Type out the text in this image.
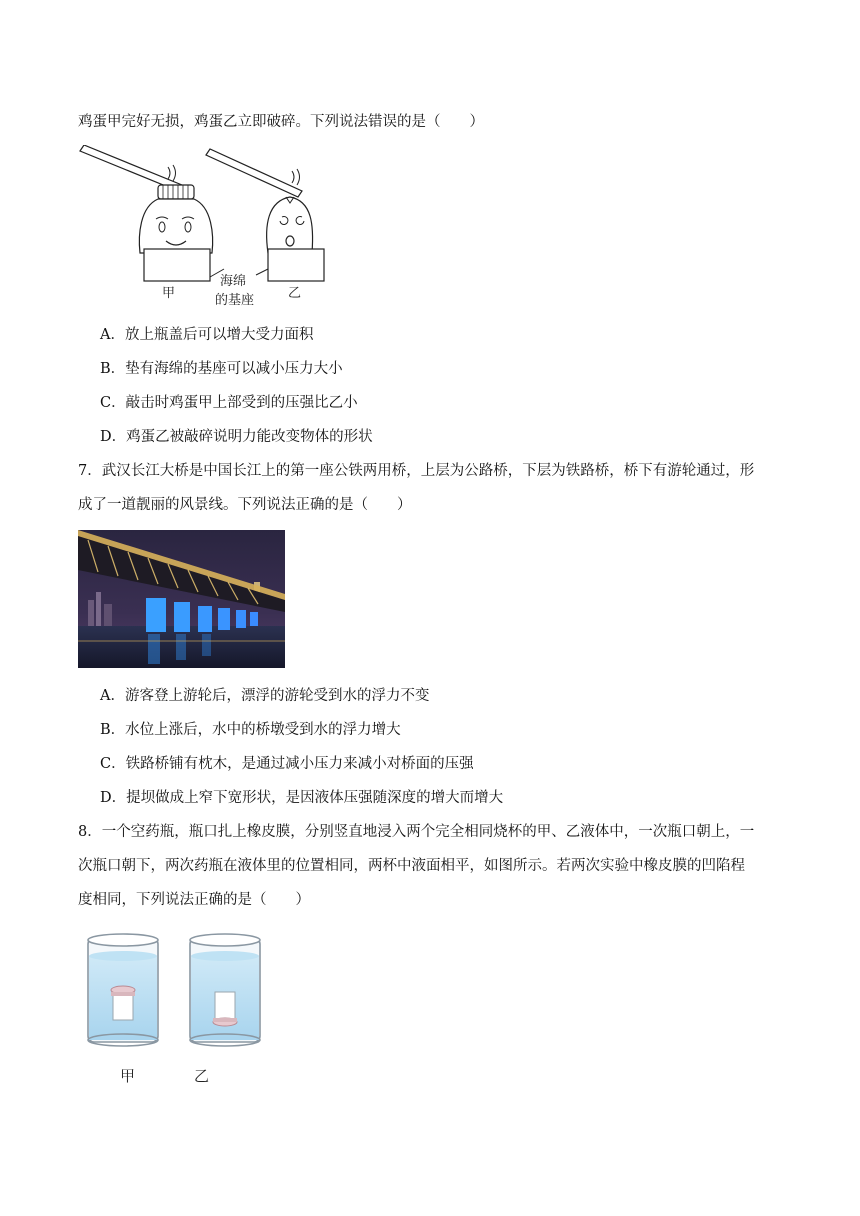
鸡蛋甲完好无损，鸡蛋乙立即破碎。下列说法错误的是（　　）
甲
海绵
的基座	乙
A．放上瓶盖后可以增大受力面积
B．垫有海绵的基座可以减小压力大小
C．敲击时鸡蛋甲上部受到的压强比乙小
D．鸡蛋乙被敲碎说明力能改变物体的形状
7．武汉长江大桥是中国长江上的第一座公铁两用桥，上层为公路桥，下层为铁路桥，桥下有游轮通过，形
成了一道靓丽的风景线。下列说法正确的是（　　）
A．游客登上游轮后，漂浮的游轮受到水的浮力不变
B．水位上涨后，水中的桥墩受到水的浮力增大
C．铁路桥铺有枕木，是通过减小压力来减小对桥面的压强
D．提坝做成上窄下宽形状，是因液体压强随深度的增大而增大
8．一个空药瓶，瓶口扎上橡皮膜，分别竖直地浸入两个完全相同烧杯的甲、乙液体中，一次瓶口朝上，一
次瓶口朝下，两次药瓶在液体里的位置相同，两杯中液面相平，如图所示。若两次实验中橡皮膜的凹陷程
度相同，下列说法正确的是（　　）
甲	乙
